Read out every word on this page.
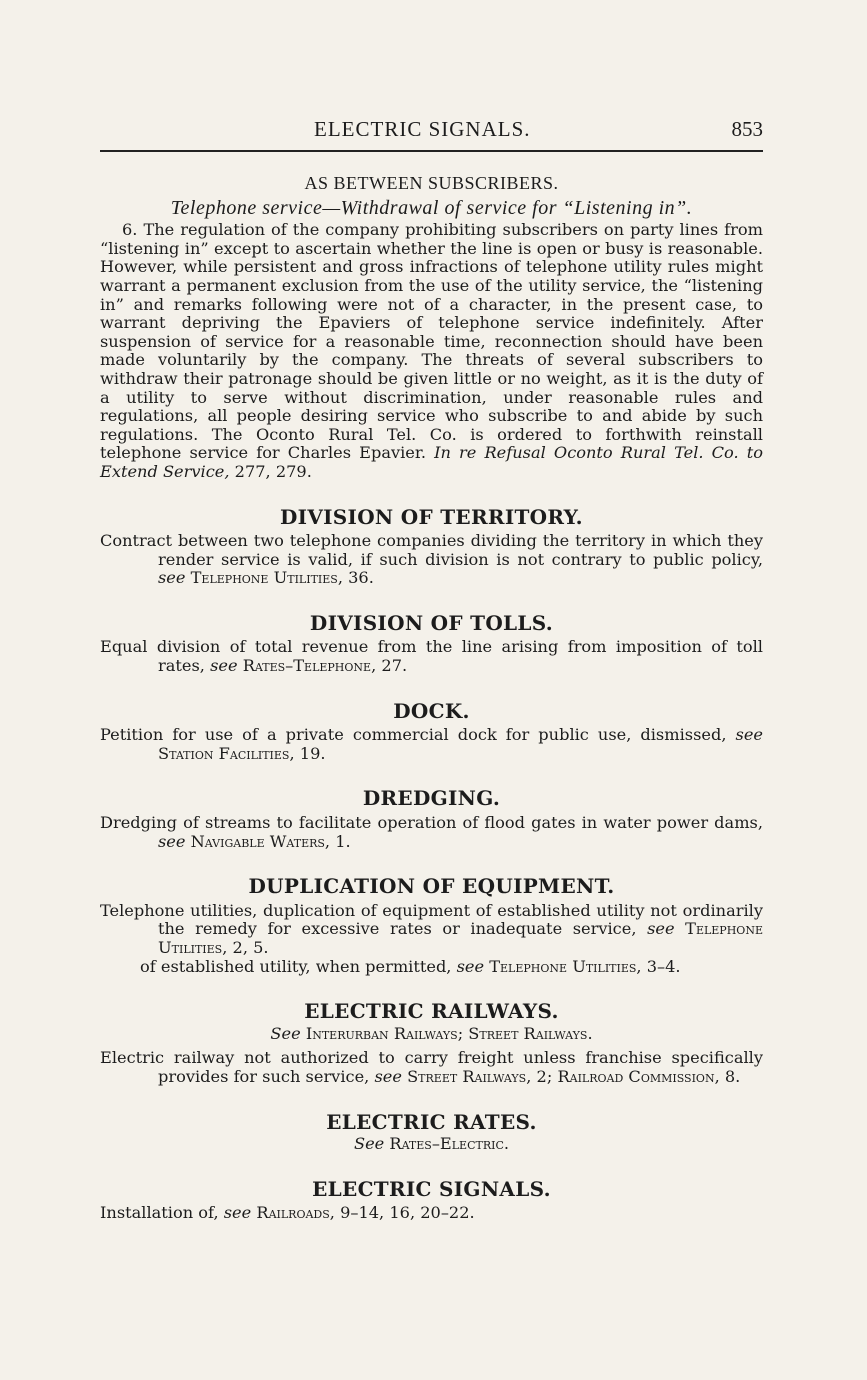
ELECTRIC SIGNALS.	853
AS BETWEEN SUBSCRIBERS.
Telephone service—Withdrawal of service for “Listening in”.

6. The regulation of the company prohibiting subscribers on party lines from “listening in” except to ascertain whether the line is open or busy is reasonable. However, while persistent and gross infractions of telephone utility rules might warrant a permanent exclusion from the use of the utility service, the “listening in” and remarks following were not of a character, in the present case, to warrant depriving the Epaviers of telephone service indefinitely. After suspension of service for a reasonable time, reconnection should have been made voluntarily by the company. The threats of several subscribers to withdraw their patronage should be given little or no weight, as it is the duty of a utility to serve without discrimination, under reasonable rules and regulations, all people desiring service who subscribe to and abide by such regulations. The Oconto Rural Tel. Co. is ordered to forthwith reinstall telephone service for Charles Epavier. In re Refusal Oconto Rural Tel. Co. to Extend Service, 277, 279.

DIVISION OF TERRITORY.
Contract between two telephone companies dividing the territory in which they render service is valid, if such division is not contrary to public policy, see Telephone Utilities, 36.
DIVISION OF TOLLS.
Equal division of total revenue from the line arising from imposition of toll rates, see Rates–Telephone, 27.
DOCK.
Petition for use of a private commercial dock for public use, dismissed, see Station Facilities, 19.
DREDGING.
Dredging of streams to facilitate operation of flood gates in water power dams, see Navigable Waters, 1.
DUPLICATION OF EQUIPMENT.
Telephone utilities, duplication of equipment of established utility not ordinarily the remedy for excessive rates or inadequate service, see Telephone Utilities, 2, 5.
of established utility, when permitted, see Telephone Utilities, 3–4.
ELECTRIC RAILWAYS.
See Interurban Railways; Street Railways.
Electric railway not authorized to carry freight unless franchise specifically provides for such service, see Street Railways, 2; Railroad Commission, 8.
ELECTRIC RATES.
See Rates–Electric.
ELECTRIC SIGNALS.
Installation of, see Railroads, 9–14, 16, 20–22.
